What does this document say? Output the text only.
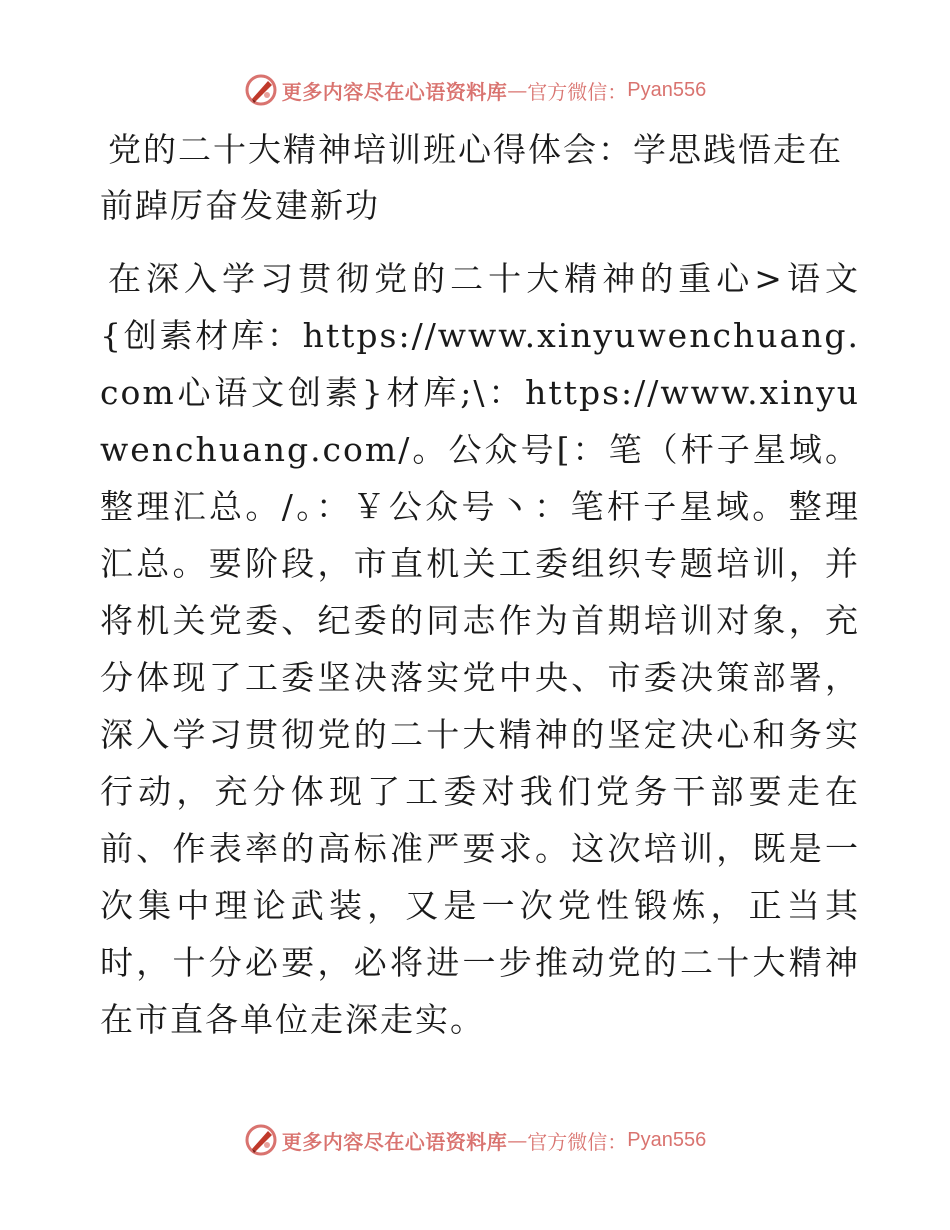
更多内容尽在心语资料库 — 官方微信： Pyan556
党的二十大精神培训班心得体会：学思践悟走在前踔厉奋发建新功

在深入学习贯彻党的二十大精神的重心>语文{创素材库：https://www.xinyuwenchuang.com心语文创素}材库;\：https://www.xinyuwenchuang.com/。公众号[：笔（杆子星域。整理汇总。/。：￥公众号丶：笔杆子星域。整理汇总。要阶段，市直机关工委组织专题培训，并将机关党委、纪委的同志作为首期培训对象，充分体现了工委坚决落实党中央、市委决策部署，深入学习贯彻党的二十大精神的坚定决心和务实行动，充分体现了工委对我们党务干部要走在前、作表率的高标准严要求。这次培训，既是一次集中理论武装，又是一次党性锻炼，正当其时，十分必要，必将进一步推动党的二十大精神在市直各单位走深走实。

更多内容尽在心语资料库 — 官方微信： Pyan556
